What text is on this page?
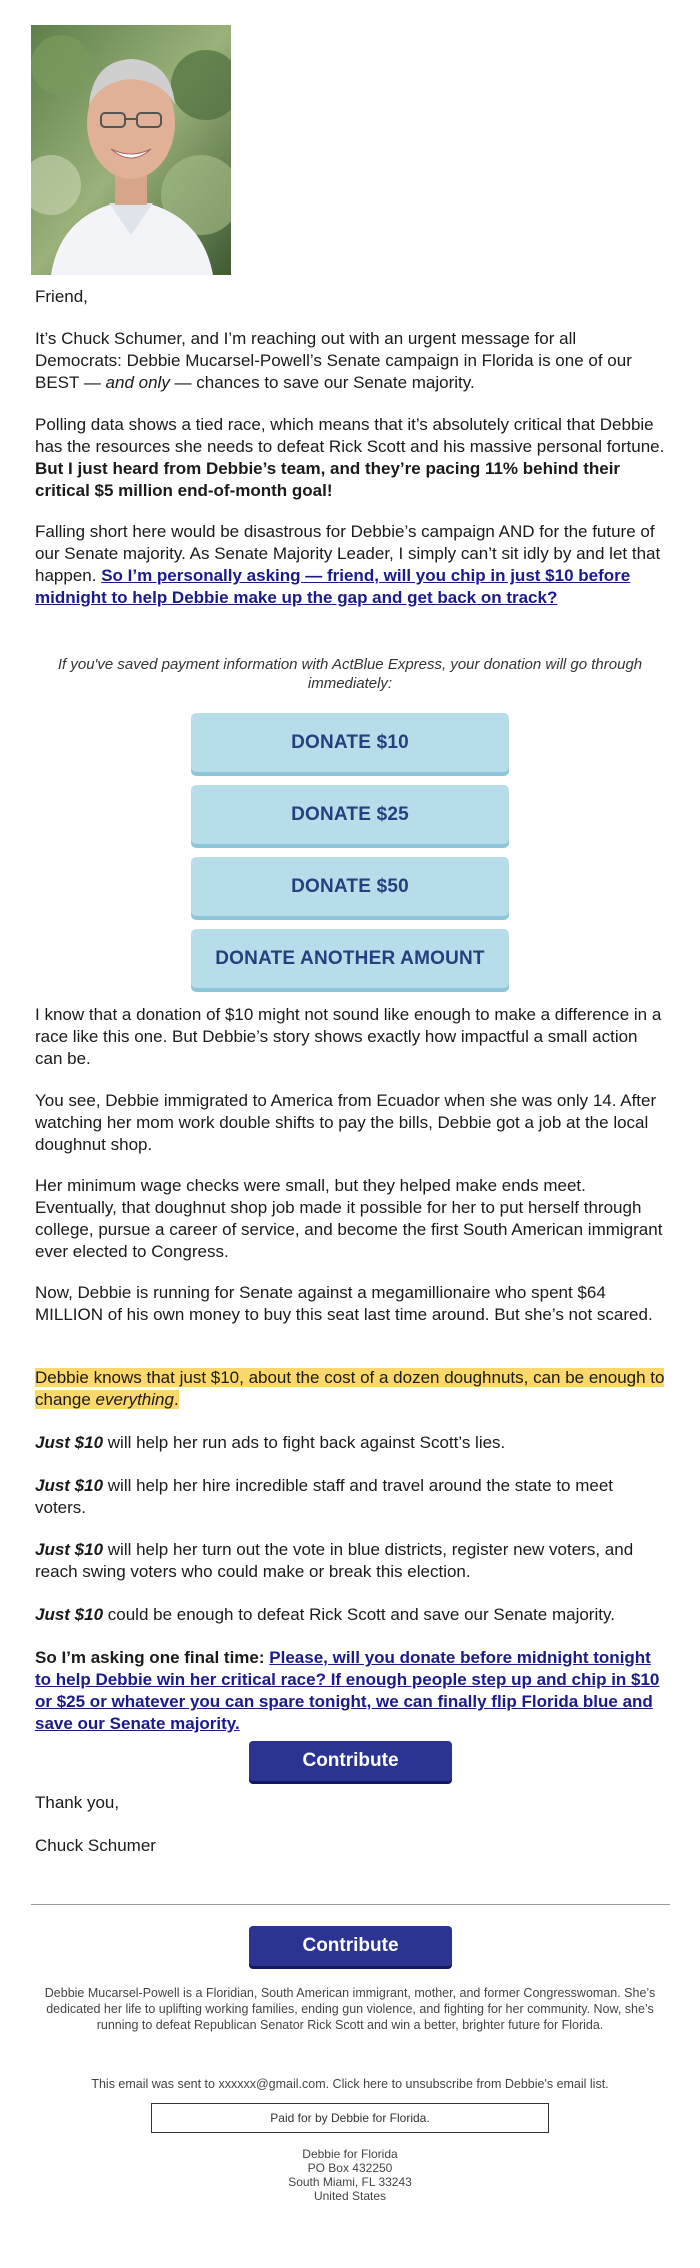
Friend,

It’s Chuck Schumer, and I’m reaching out with an urgent message for all Democrats: Debbie Mucarsel-Powell’s Senate campaign in Florida is one of our BEST — and only — chances to save our Senate majority.

Polling data shows a tied race, which means that it’s absolutely critical that Debbie has the resources she needs to defeat Rick Scott and his massive personal fortune. But I just heard from Debbie’s team, and they’re pacing 11% behind their critical $5 million end-of-month goal!

Falling short here would be disastrous for Debbie’s campaign AND for the future of our Senate majority. As Senate Majority Leader, I simply can’t sit idly by and let that happen. So I’m personally asking — friend, will you chip in just $10 before midnight to help Debbie make up the gap and get back on track?

If you've saved payment information with ActBlue Express, your donation will go through immediately:
DONATE $10
DONATE $25
DONATE $50
DONATE ANOTHER AMOUNT

I know that a donation of $10 might not sound like enough to make a difference in a race like this one. But Debbie’s story shows exactly how impactful a small action can be.

You see, Debbie immigrated to America from Ecuador when she was only 14. After watching her mom work double shifts to pay the bills, Debbie got a job at the local doughnut shop.

Her minimum wage checks were small, but they helped make ends meet. Eventually, that doughnut shop job made it possible for her to put herself through college, pursue a career of service, and become the first South American immigrant ever elected to Congress.

Now, Debbie is running for Senate against a megamillionaire who spent $64 MILLION of his own money to buy this seat last time around. But she’s not scared.

Debbie knows that just $10, about the cost of a dozen doughnuts, can be enough to change everything.

Just $10 will help her run ads to fight back against Scott’s lies.

Just $10 will help her hire incredible staff and travel around the state to meet voters.

Just $10 will help her turn out the vote in blue districts, register new voters, and reach swing voters who could make or break this election.

Just $10 could be enough to defeat Rick Scott and save our Senate majority.

So I’m asking one final time: Please, will you donate before midnight tonight to help Debbie win her critical race? If enough people step up and chip in $10 or $25 or whatever you can spare tonight, we can finally flip Florida blue and save our Senate majority.

Contribute

Thank you,

Chuck Schumer

Contribute
Debbie Mucarsel-Powell is a Floridian, South American immigrant, mother, and former Congresswoman. She’s dedicated her life to uplifting working families, ending gun violence, and fighting for her community. Now, she’s running to defeat Republican Senator Rick Scott and win a better, brighter future for Florida.
This email was sent to xxxxxx@gmail.com. Click here to unsubscribe from Debbie's email list.
Paid for by Debbie for Florida.
Debbie for Florida
PO Box 432250
South Miami, FL 33243
United States
